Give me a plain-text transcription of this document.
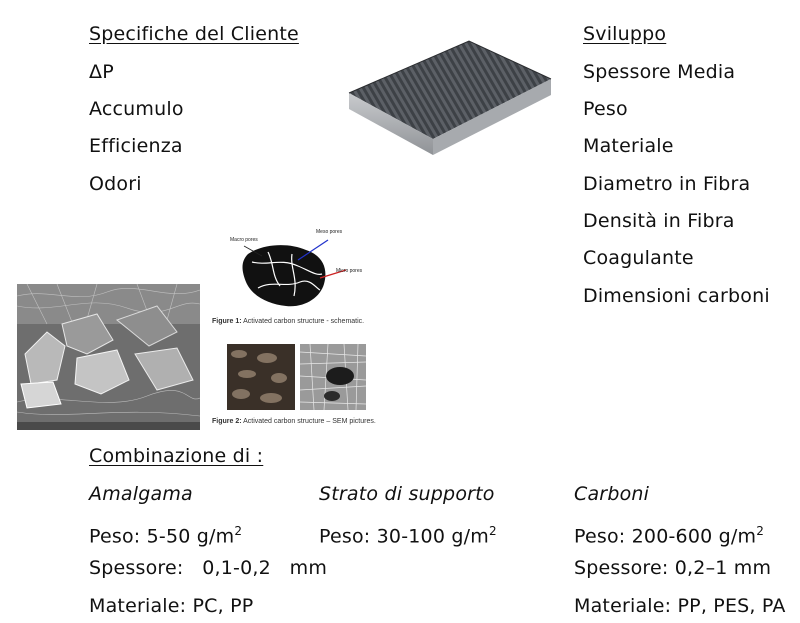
Specifiche del Cliente
ΔP
Accumulo
Efficienza
Odori
Sviluppo
Spessore Media
Peso
Materiale
Diametro in Fibra
Densità in Fibra
Coagulante
Dimensioni carboni
Macro pores
Meso pores
Micro pores
Figure 1: Activated carbon structure - schematic.
Figure 2: Activated carbon structure – SEM pictures.
Combinazione di :
Amalgama
Peso: 5-50 $g/m^2$
Spessore:   0,1-0,2   mm
Materiale: PC, PP
Strato di supporto
Peso: 30-100 $g/m^2$
Carboni
Peso: 200-600 $g/m^2$
Spessore: 0,2–1 mm
Materiale: PP, PES, PA
